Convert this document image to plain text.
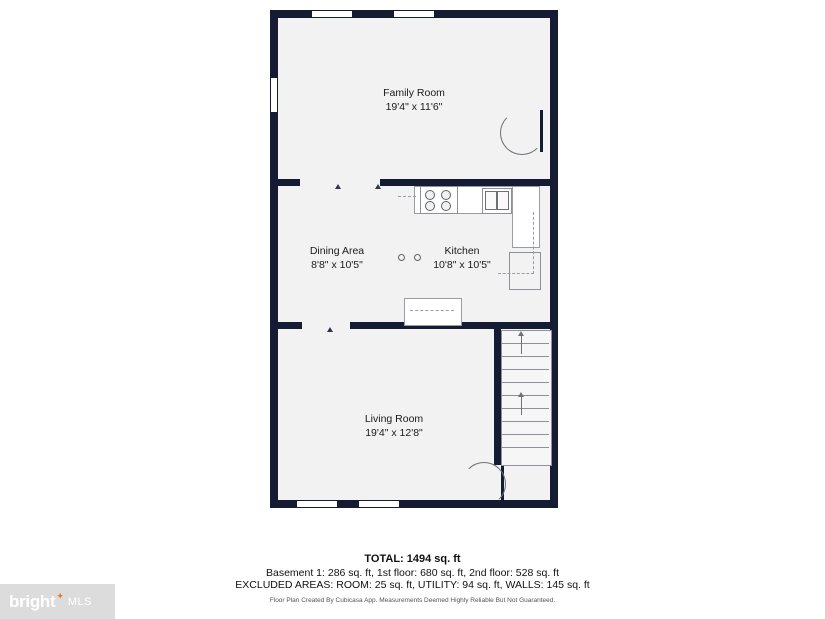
Family Room
19'4" x 11'6"
Dining Area
8'8" x 10'5"
Kitchen
10'8" x 10'5"
Living Room
19'4" x 12'8"
TOTAL: 1494 sq. ft
Basement 1: 286 sq. ft, 1st floor: 680 sq. ft, 2nd floor: 528 sq. ft
EXCLUDED AREAS: ROOM: 25 sq. ft, UTILITY: 94 sq. ft, WALLS: 145 sq. ft
Floor Plan Created By Cubicasa App. Measurements Deemed Highly Reliable But Not Guaranteed.
bright ✦ MLS
